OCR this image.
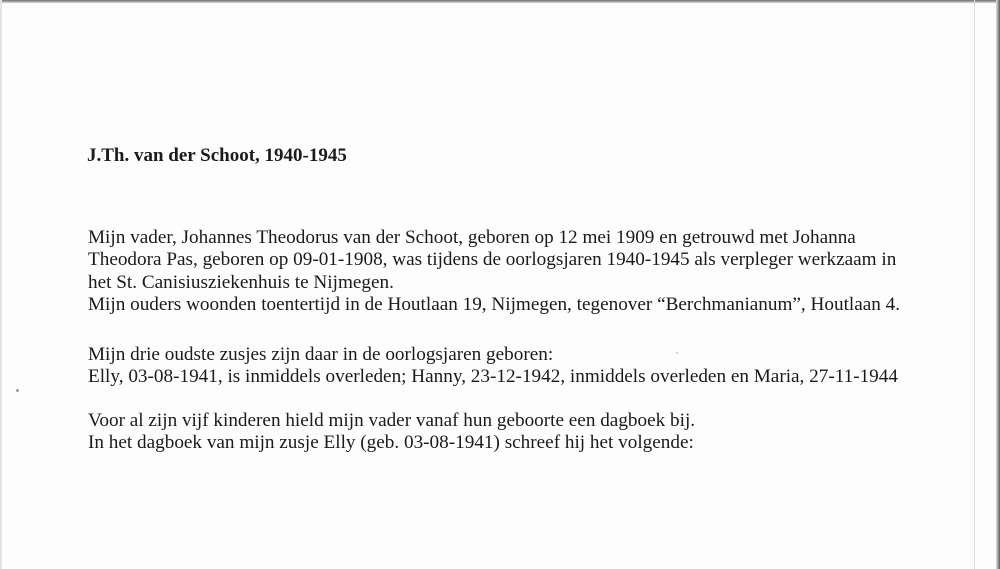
J.Th. van der Schoot, 1940-1945
Mijn vader, Johannes Theodorus van der Schoot, geboren op 12 mei 1909 en getrouwd met Johanna
Theodora Pas, geboren op 09-01-1908, was tijdens de oorlogsjaren 1940-1945 als verpleger werkzaam in
het St. Canisiusziekenhuis te Nijmegen.
Mijn ouders woonden toentertijd in de Houtlaan 19, Nijmegen, tegenover “Berchmanianum”, Houtlaan 4.
Mijn drie oudste zusjes zijn daar in de oorlogsjaren geboren:
Elly, 03-08-1941, is inmiddels overleden; Hanny, 23-12-1942, inmiddels overleden en Maria, 27-11-1944
Voor al zijn vijf kinderen hield mijn vader vanaf hun geboorte een dagboek bij.
In het dagboek van mijn zusje Elly (geb. 03-08-1941) schreef hij het volgende:
